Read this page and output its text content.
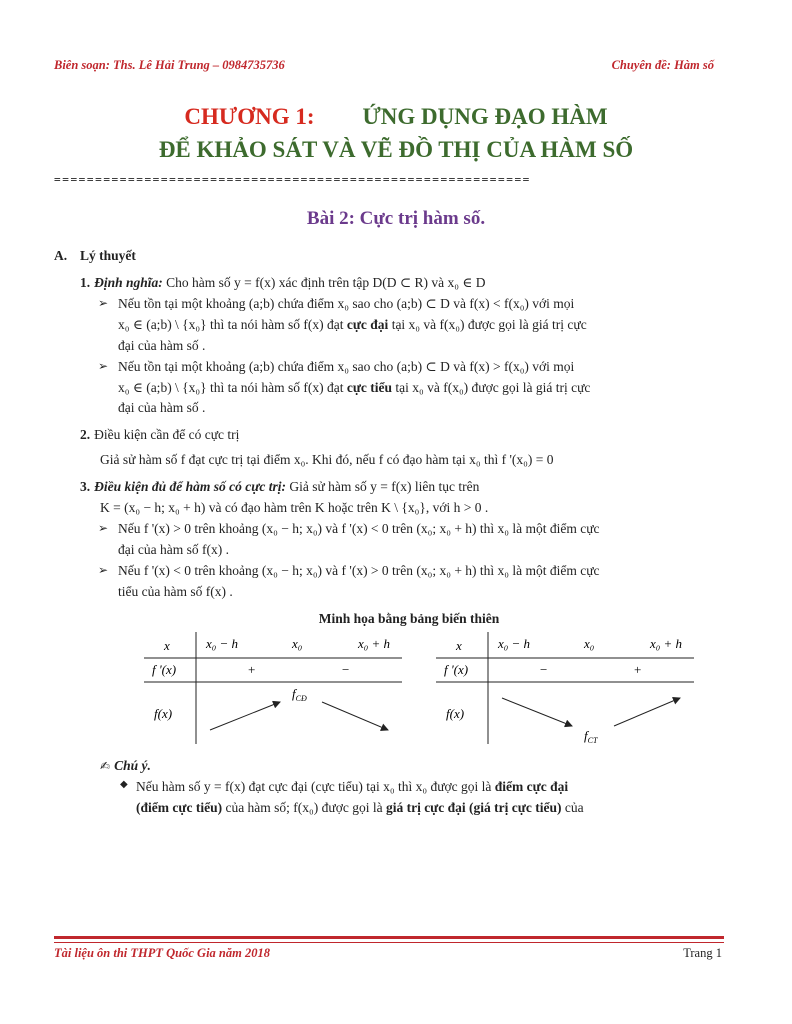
Biên soạn: Ths. Lê Hải Trung – 0984735736	Chuyên đề: Hàm số
CHƯƠNG 1: ỨNG DỤNG ĐẠO HÀM
ĐỂ KHẢO SÁT VÀ VẼ ĐỒ THỊ CỦA HÀM SỐ
==========================================================
Bài 2: Cực trị hàm số.

A. Lý thuyết

1. Định nghĩa: Cho hàm số y = f(x) xác định trên tập D(D ⊂ R) và x₀ ∈ D

➢ Nếu tồn tại một khoảng (a;b) chứa điểm x₀ sao cho (a;b) ⊂ D và f(x) < f(x₀) với mọi
x₀ ∈ (a;b) \ {x₀} thì ta nói hàm số f(x) đạt cực đại tại x₀ và f(x₀) được gọi là giá trị cực
đại của hàm số .

➢ Nếu tồn tại một khoảng (a;b) chứa điểm x₀ sao cho (a;b) ⊂ D và f(x) > f(x₀) với mọi
x₀ ∈ (a;b) \ {x₀} thì ta nói hàm số f(x) đạt cực tiểu tại x₀ và f(x₀) được gọi là giá trị cực
đại của hàm số .

2. Điều kiện cần để có cực trị

Giả sử hàm số f đạt cực trị tại điểm x₀. Khi đó, nếu f có đạo hàm tại x₀ thì f '(x₀) = 0

3. Điều kiện đủ để hàm số có cực trị: Giả sử hàm số y = f(x) liên tục trên

K = (x₀ − h; x₀ + h) và có đạo hàm trên K hoặc trên K \ {x₀}, với h > 0 .

➢ Nếu f '(x) > 0 trên khoảng (x₀ − h; x₀) và f '(x) < 0 trên (x₀; x₀ + h) thì x₀ là một điểm cực
đại của hàm số f(x) .

➢ Nếu f '(x) < 0 trên khoảng (x₀ − h; x₀) và f '(x) > 0 trên (x₀; x₀ + h) thì x₀ là một điểm cực
tiểu của hàm số f(x) .

Minh họa bằng bảng biến thiên

x	x₀ − h	x₀	x₀ + h
f '(x)	+	−
f(x)
$f_{CĐ}$
x	x₀ − h	x₀	x₀ + h
f '(x)	−	+
f(x)
$f_{CT}$

✍ Chú ý.

◆ Nếu hàm số y = f(x) đạt cực đại (cực tiểu) tại x₀ thì x₀ được gọi là điểm cực đại
(điểm cực tiểu) của hàm số; f(x₀) được gọi là giá trị cực đại (giá trị cực tiểu) của

Tài liệu ôn thi THPT Quốc Gia năm 2018	Trang 1
